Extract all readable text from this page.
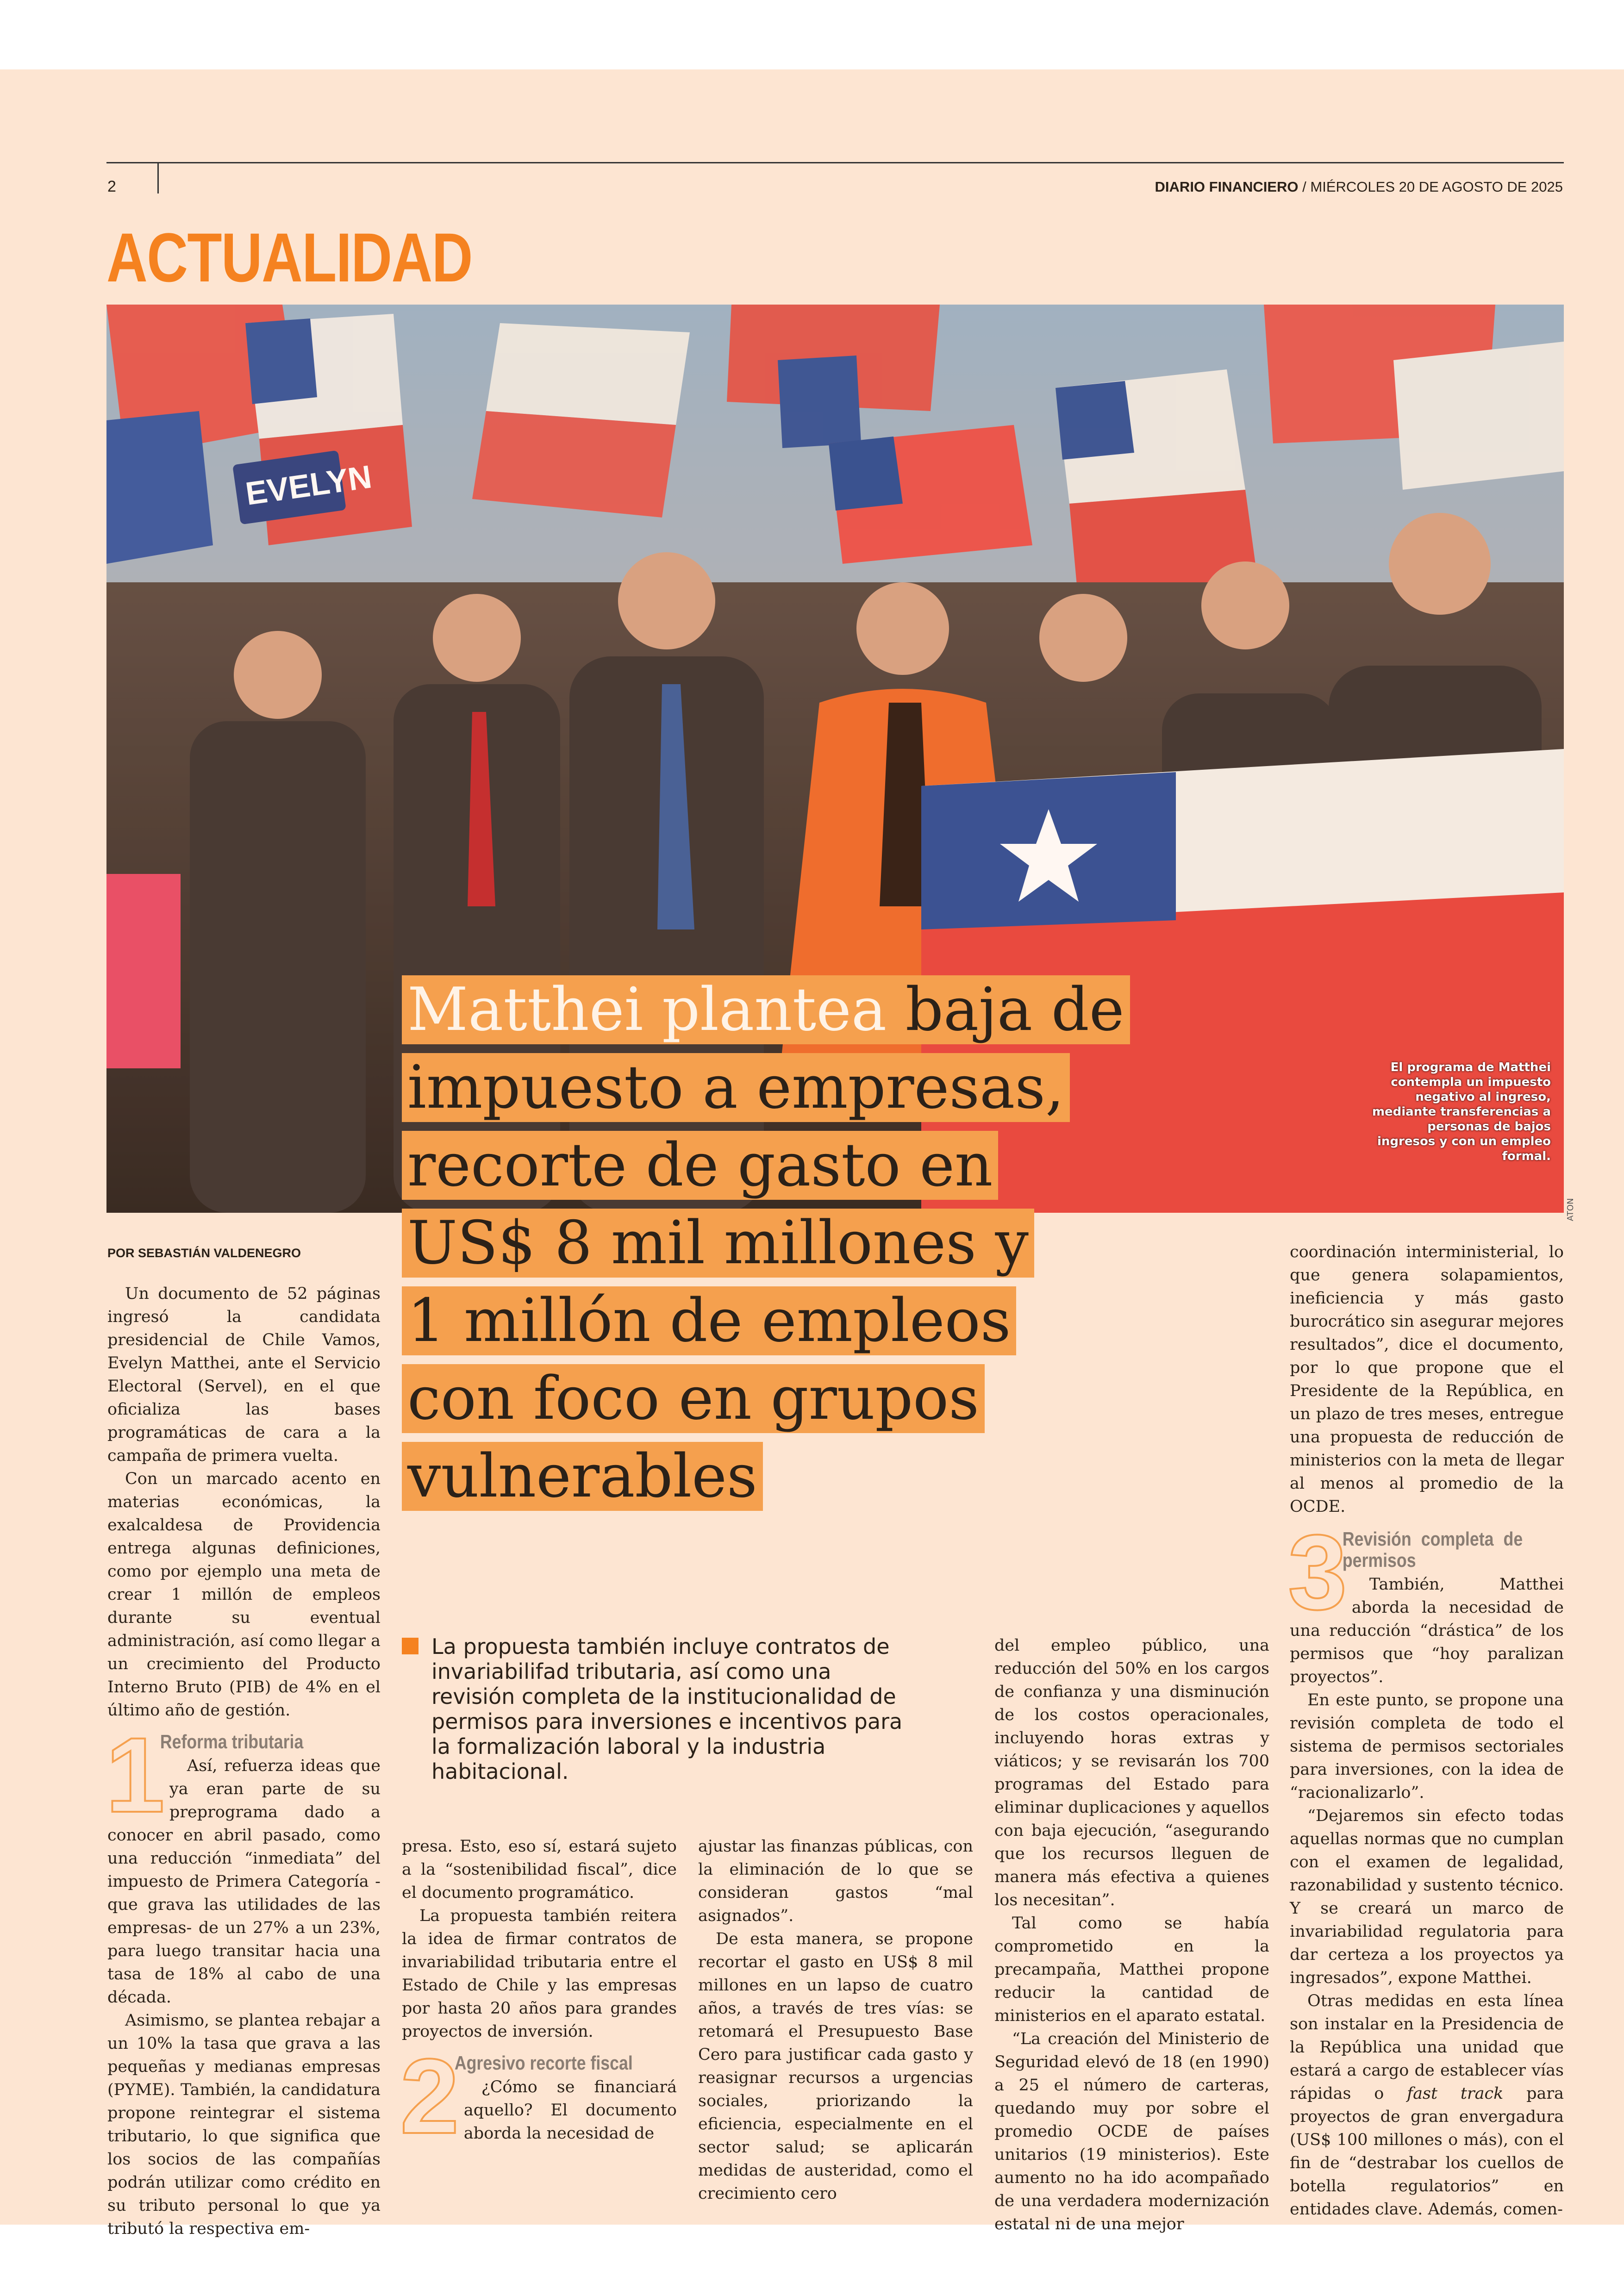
2	DIARIO FINANCIERO / MIÉRCOLES 20 DE AGOSTO DE 2025
ACTUALIDAD
EVELYN
El programa de Matthei contempla un impuesto negativo al ingreso, mediante transferencias a personas de bajos ingresos y con un empleo formal.
ATON
Matthei plantea baja de
impuesto a empresas,
recorte de gasto en
US$ 8 mil millones y
1 millón de empleos
con foco en grupos
vulnerables
POR SEBASTIÁN VALDENEGRO
La propuesta también incluye contratos de invariabilifad tributaria, así como una revisión completa de la institucionalidad de permisos para inversiones e incentivos para la formalización laboral y la industria habitacional.

Un documento de 52 páginas ingresó la candidata presidencial de Chile Vamos, Evelyn Matthei, ante el Servicio Electoral (Servel), en el que oficializa las bases programáticas de cara a la campaña de primera vuelta.

Con un marcado acento en materias económicas, la exalcaldesa de Providencia entrega algunas definiciones, como por ejemplo una meta de crear 1 millón de empleos durante su eventual administración, así como llegar a un crecimiento del Producto Interno Bruto (PIB) de 4% en el último año de gestión.

1
Reforma tributaria

Así, refuerza ideas que ya eran parte de su preprograma dado a conocer en abril pasado, como una reducción “inmediata” del impuesto de Primera Categoría -que grava las utilidades de las empresas- de un 27% a un 23%, para luego transitar hacia una tasa de 18% al cabo de una década.

Asimismo, se plantea rebajar a un 10% la tasa que grava a las pequeñas y medianas empresas (PYME). También, la candidatura propone reintegrar el sistema tributario, lo que significa que los socios de las compañías podrán utilizar como crédito en su tributo personal lo que ya tributó la respectiva em-

presa. Esto, eso sí, estará sujeto a la “sostenibilidad fiscal”, dice el documento programático.

La propuesta también reitera la idea de firmar contratos de invariabilidad tributaria entre el Estado de Chile y las empresas por hasta 20 años para grandes proyectos de inversión.

2
Agresivo recorte fiscal

¿Cómo se financiará aquello? El documento aborda la necesidad de

ajustar las finanzas públicas, con la eliminación de lo que se consideran gastos “mal asignados”.

De esta manera, se propone recortar el gasto en US$ 8 mil millones en un lapso de cuatro años, a través de tres vías: se retomará el Presupuesto Base Cero para justificar cada gasto y reasignar recursos a urgencias sociales, priorizando la eficiencia, especialmente en el sector salud; se aplicarán medidas de austeridad, como el crecimiento cero

del empleo público, una reducción del 50% en los cargos de confianza y una disminución de los costos operacionales, incluyendo horas extras y viáticos; y se revisarán los 700 programas del Estado para eliminar duplicaciones y aquellos con baja ejecución, “asegurando que los recursos lleguen de manera más efectiva a quienes los necesitan”.

Tal como se había comprometido en la precampaña, Matthei propone reducir la cantidad de ministerios en el aparato estatal.

“La creación del Ministerio de Seguridad elevó de 18 (en 1990) a 25 el número de carteras, quedando muy por sobre el promedio OCDE de países unitarios (19 ministerios). Este aumento no ha ido acompañado de una verdadera modernización estatal ni de una mejor

coordinación interministerial, lo que genera solapamientos, ineficiencia y más gasto burocrático sin asegurar mejores resultados”, dice el documento, por lo que propone que el Presidente de la República, en un plazo de tres meses, entregue una propuesta de reducción de ministerios con la meta de llegar al menos al promedio de la OCDE.

3
Revisión completa de permisos

También, Matthei aborda la necesidad de una reducción “drástica” de los permisos que “hoy paralizan proyectos”.

En este punto, se propone una revisión completa de todo el sistema de permisos sectoriales para inversiones, con la idea de “racionalizarlo”.

“Dejaremos sin efecto todas aquellas normas que no cumplan con el examen de legalidad, razonabilidad y sustento técnico. Y se creará un marco de invariabilidad regulatoria para dar certeza a los proyectos ya ingresados”, expone Matthei.

Otras medidas en esta línea son instalar en la Presidencia de la República una unidad que estará a cargo de establecer vías rápidas o fast track para proyectos de gran envergadura (US$ 100 millones o más), con el fin de “destrabar los cuellos de botella regulatorios” en entidades clave. Además, comen-
